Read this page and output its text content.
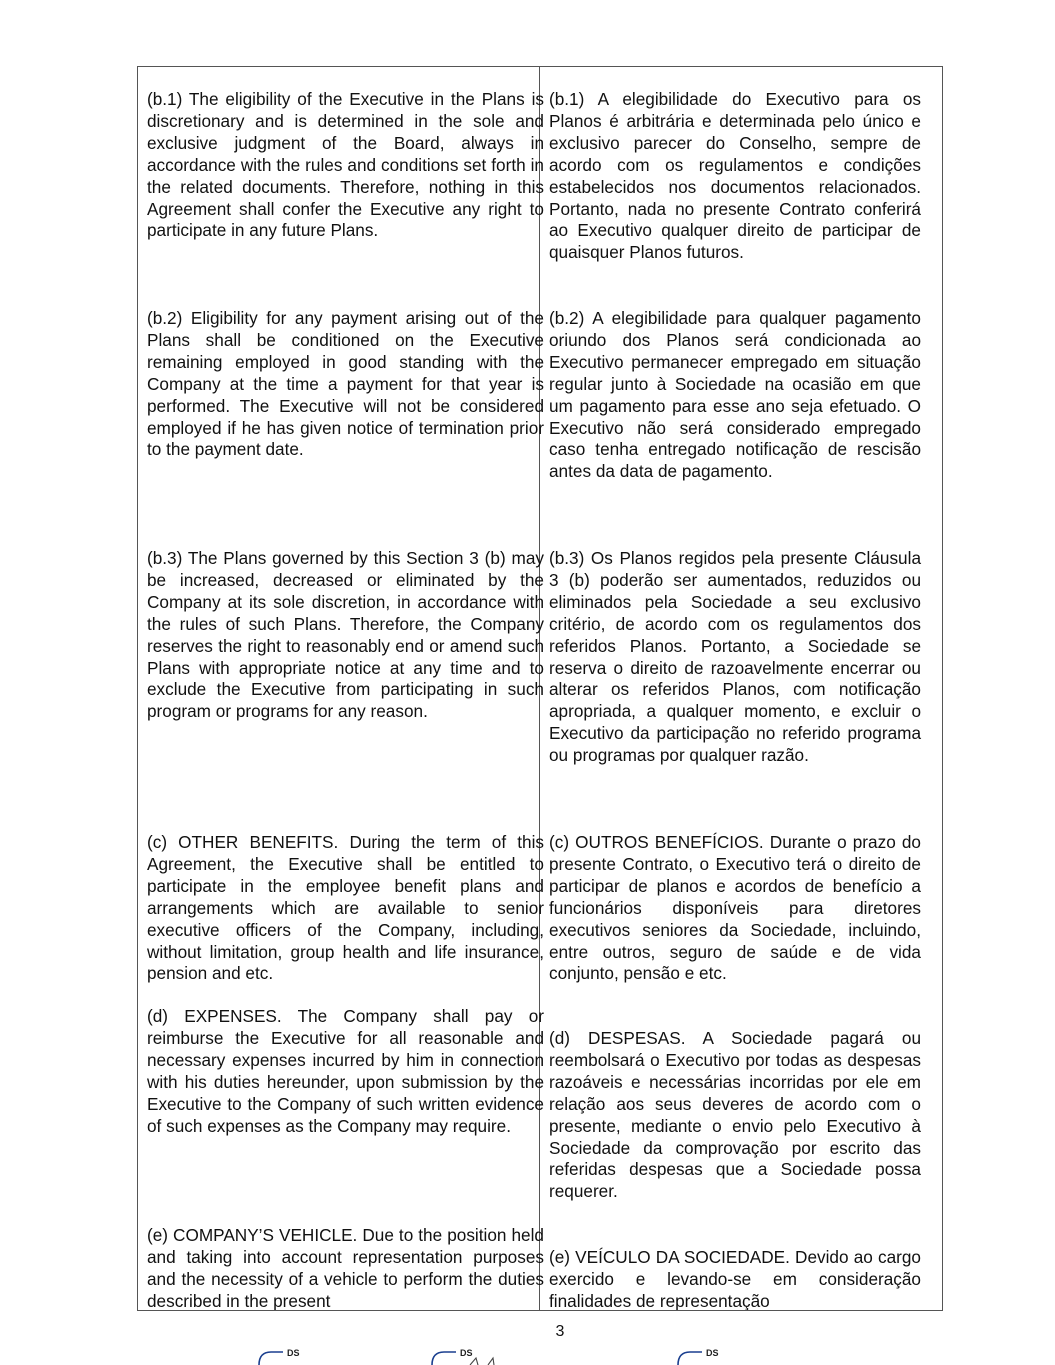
(b.1) The eligibility of the Executive in the Plans is discretionary and is determined in the sole and exclusive judgment of the Board, always in accordance with the rules and conditions set forth in the related documents. Therefore, nothing in this Agreement shall confer the Executive any right to participate in any future Plans.

(b.2) Eligibility for any payment arising out of the Plans shall be conditioned on the Executive remaining employed in good standing with the Company at the time a payment for that year is performed. The Executive will not be considered employed if he has given notice of termination prior to the payment date.

(b.3) The Plans governed by this Section 3 (b) may be increased, decreased or eliminated by the Company at its sole discretion, in accordance with the rules of such Plans. Therefore, the Company reserves the right to reasonably end or amend such Plans with appropriate notice at any time and to exclude the Executive from participating in such program or programs for any reason.

(c) OTHER BENEFITS. During the term of this Agreement, the Executive shall be entitled to participate in the employee benefit plans and arrangements which are available to senior executive officers of the Company, including, without limitation, group health and life insurance, pension and etc.

(d) EXPENSES. The Company shall pay or reimburse the Executive for all reasonable and necessary expenses incurred by him in connection with his duties hereunder, upon submission by the Executive to the Company of such written evidence of such expenses as the Company may require.

(e) COMPANY’S VEHICLE. Due to the position held and taking into account representation purposes and the necessity of a vehicle to perform the duties described in the present

(b.1) A elegibilidade do Executivo para os Planos é arbitrária e determinada pelo único e exclusivo parecer do Conselho, sempre de acordo com os regulamentos e condições estabelecidos nos documentos relacionados. Portanto, nada no presente Contrato conferirá ao Executivo qualquer direito de participar de quaisquer Planos futuros.

(b.2) A elegibilidade para qualquer pagamento oriundo dos Planos será condicionada ao Executivo permanecer empregado em situação regular junto à Sociedade na ocasião em que um pagamento para esse ano seja efetuado. O Executivo não será considerado empregado caso tenha entregado notificação de rescisão antes da data de pagamento.

(b.3) Os Planos regidos pela presente Cláusula 3 (b) poderão ser aumentados, reduzidos ou eliminados pela Sociedade a seu exclusivo critério, de acordo com os regulamentos dos referidos Planos. Portanto, a Sociedade se reserva o direito de razoavelmente encerrar ou alterar os referidos Planos, com notificação apropriada, a qualquer momento, e excluir o Executivo da participação no referido programa ou programas por qualquer razão.

(c) OUTROS BENEFÍCIOS. Durante o prazo do presente Contrato, o Executivo terá o direito de participar de planos e acordos de benefício a funcionários disponíveis para diretores executivos seniores da Sociedade, incluindo, entre outros, seguro de saúde e de vida conjunto, pensão e etc.

(d) DESPESAS. A Sociedade pagará ou reembolsará o Executivo por todas as despesas razoáveis e necessárias incorridas por ele em relação aos seus deveres de acordo com o presente, mediante o envio pelo Executivo à Sociedade da comprovação por escrito das referidas despesas que a Sociedade possa requerer.

(e) VEÍCULO DA SOCIEDADE. Devido ao cargo exercido e levando-se em consideração finalidades de representação

3
DS	DS	DS
